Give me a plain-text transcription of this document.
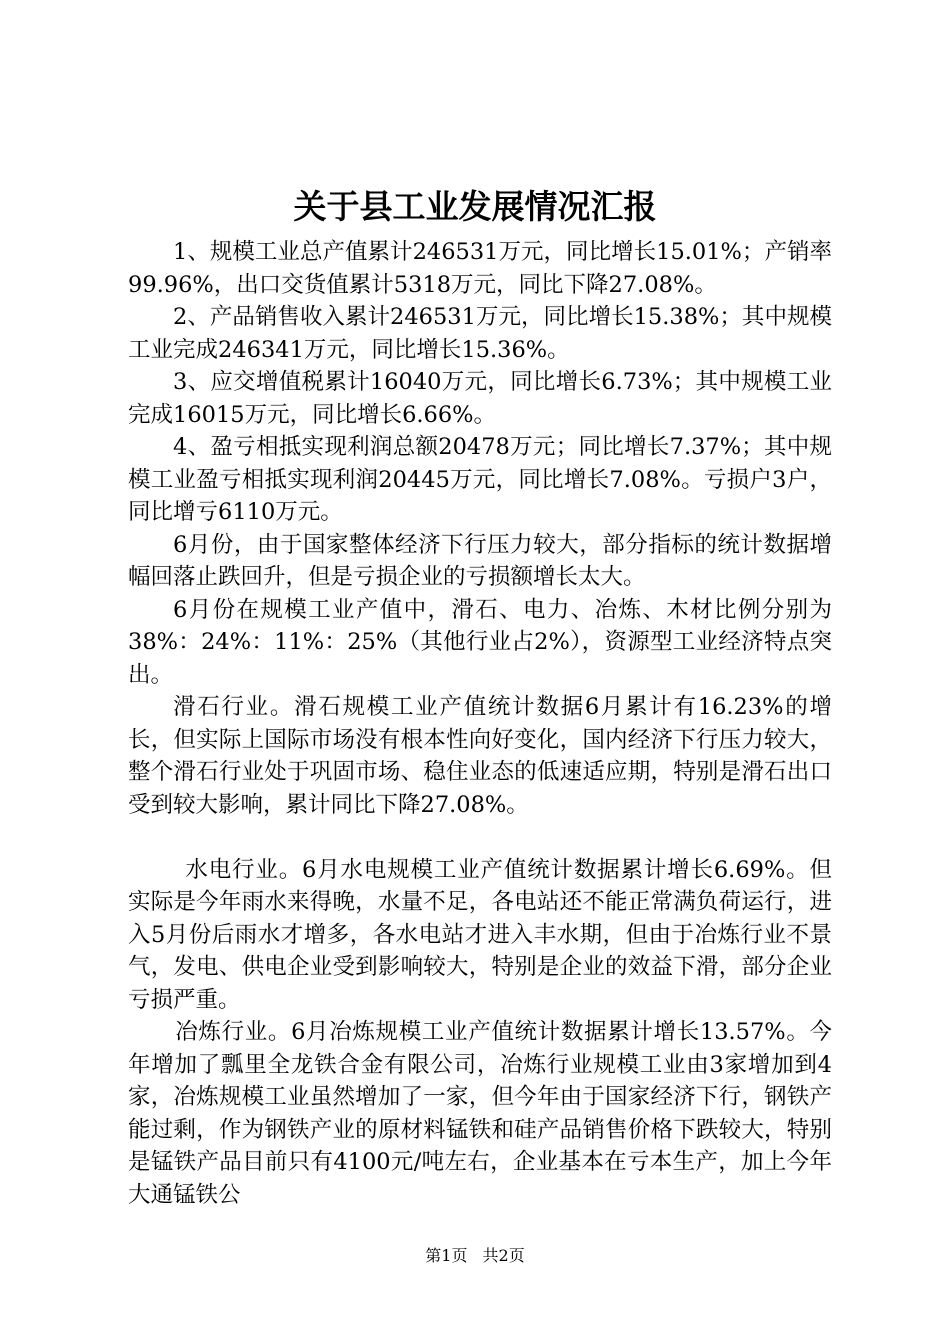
关于县工业发展情况汇报

1、规模工业总产值累计246531万元，同比增长15.01%；产销率99.96%，出口交货值累计5318万元，同比下降27.08%。

2、产品销售收入累计246531万元，同比增长15.38%；其中规模工业完成246341万元，同比增长15.36%。

3、应交增值税累计16040万元，同比增长6.73%；其中规模工业完成16015万元，同比增长6.66%。

4、盈亏相抵实现利润总额20478万元；同比增长7.37%；其中规模工业盈亏相抵实现利润20445万元，同比增长7.08%。亏损户3户，同比增亏6110万元。

6月份，由于国家整体经济下行压力较大，部分指标的统计数据增幅回落止跌回升，但是亏损企业的亏损额增长太大。

6月份在规模工业产值中，滑石、电力、冶炼、木材比例分别为38%：24%：11%：25%（其他行业占2%），资源型工业经济特点突出。

滑石行业。滑石规模工业产值统计数据6月累计有16.23%的增长，但实际上国际市场没有根本性向好变化，国内经济下行压力较大，整个滑石行业处于巩固市场、稳住业态的低速适应期，特别是滑石出口受到较大影响，累计同比下降27.08%。

水电行业。6月水电规模工业产值统计数据累计增长6.69%。但实际是今年雨水来得晚，水量不足，各电站还不能正常满负荷运行，进入5月份后雨水才增多，各水电站才进入丰水期，但由于冶炼行业不景气，发电、供电企业受到影响较大，特别是企业的效益下滑，部分企业亏损严重。

冶炼行业。6月冶炼规模工业产值统计数据累计增长13.57%。今年增加了瓢里全龙铁合金有限公司，冶炼行业规模工业由3家增加到4家，冶炼规模工业虽然增加了一家，但今年由于国家经济下行，钢铁产能过剩，作为钢铁产业的原材料锰铁和硅产品销售价格下跌较大，特别是锰铁产品目前只有4100元/吨左右，企业基本在亏本生产，加上今年大通锰铁公

第1页 共2页
